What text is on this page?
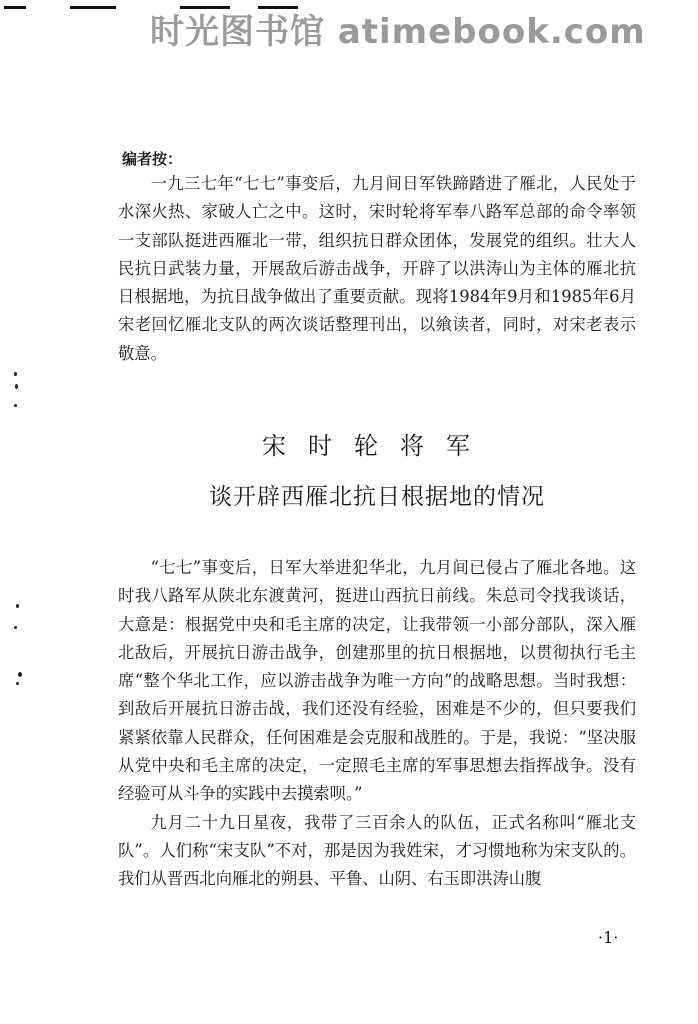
时光图书馆 atimebook.com
编者按：

一九三七年“七七”事变后，九月间日军铁蹄踏进了雁北，人民处于水深火热、家破人亡之中。这时，宋时轮将军奉八路军总部的命令率领一支部队挺进西雁北一带，组织抗日群众团体，发展党的组织。壮大人民抗日武装力量，开展敌后游击战争，开辟了以洪涛山为主体的雁北抗日根据地，为抗日战争做出了重要贡献。现将1984年9月和1985年6月宋老回忆雁北支队的两次谈话整理刊出，以飨读者，同时，对宋老表示敬意。

宋时轮将军
谈开辟西雁北抗日根据地的情况

“七七”事变后，日军大举进犯华北，九月间已侵占了雁北各地。这时我八路军从陕北东渡黄河，挺进山西抗日前线。朱总司令找我谈话，大意是：根据党中央和毛主席的决定，让我带领一小部分部队，深入雁北敌后，开展抗日游击战争，创建那里的抗日根据地，以贯彻执行毛主席“整个华北工作，应以游击战争为唯一方向”的战略思想。当时我想：到敌后开展抗日游击战，我们还没有经验，困难是不少的，但只要我们紧紧依靠人民群众，任何困难是会克服和战胜的。于是，我说：“坚决服从党中央和毛主席的决定，一定照毛主席的军事思想去指挥战争。没有经验可从斗争的实践中去摸索呗。”

九月二十九日星夜，我带了三百余人的队伍，正式名称叫“雁北支队”。人们称“宋支队”不对，那是因为我姓宋，才习惯地称为宋支队的。我们从晋西北向雁北的朔县、平鲁、山阴、右玉即洪涛山腹

·1·
